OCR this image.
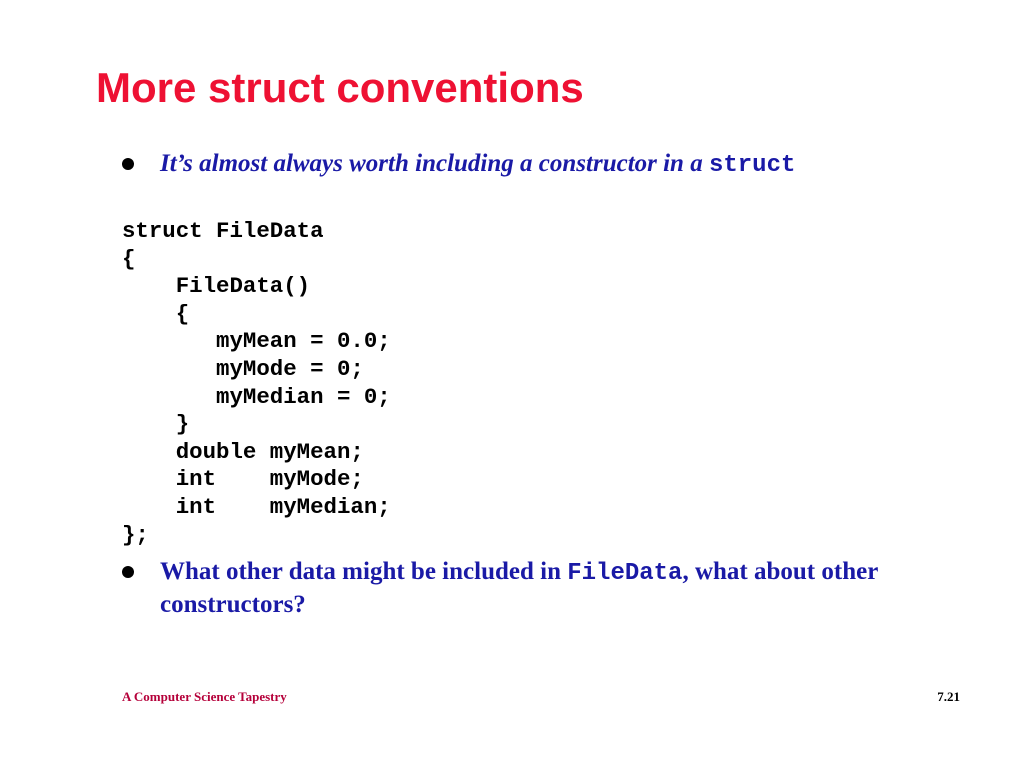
More struct conventions
It’s almost always worth including a constructor in a struct
struct FileData
{
FileData()
{
myMean = 0.0;
myMode = 0;
myMedian = 0;
}
double myMean;
int    myMode;
int    myMedian;
};
What other data might be included in FileData, what about other constructors?
A Computer Science Tapestry	7.21
